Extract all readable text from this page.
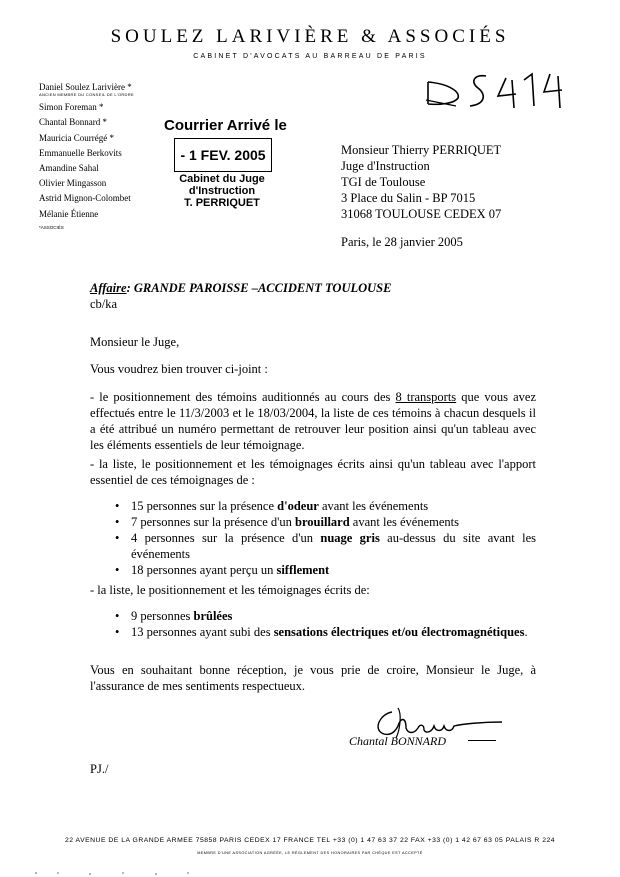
SOULEZ LARIVIÈRE & ASSOCIÉS
CABINET D'AVOCATS AU BARREAU DE PARIS
Daniel Soulez Larivière *
ANCIEN MEMBRE DU CONSEIL DE L'ORDRE
Simon Foreman *
Chantal Bonnard *
Mauricia Courrégé *
Emmanuelle Berkovits
Amandine Sahal
Olivier Mingasson
Astrid Mignon-Colombet
Mélanie Étienne
*ASSOCIÉS
Courrier Arrivé le
- 1 FEV. 2005
Cabinet du Juge d'Instruction
T. PERRIQUET
Monsieur Thierry PERRIQUET
Juge d'Instruction
TGI de Toulouse
3 Place du Salin - BP 7015
31068 TOULOUSE CEDEX 07
Paris, le 28 janvier 2005
Affaire: GRANDE PAROISSE –ACCIDENT TOULOUSE
cb/ka
Monsieur le Juge,
Vous voudrez bien trouver ci-joint :
- le positionnement des témoins auditionnés au cours des 8 transports que vous avez effectués entre le 11/3/2003 et le 18/03/2004, la liste de ces témoins à chacun desquels il a été attribué un numéro permettant de retrouver leur position ainsi qu'un tableau avec les éléments essentiels de leur témoignage.
- la liste, le positionnement et les témoignages écrits ainsi qu'un tableau avec l'apport essentiel de ces témoignages de :
• 15 personnes sur la présence d'odeur avant les événements
• 7 personnes sur la présence d'un brouillard avant les événements
• 4 personnes sur la présence d'un nuage gris au-dessus du site avant les événements
• 18 personnes ayant perçu un sifflement
- la liste, le positionnement et les témoignages écrits de:
• 9 personnes brûlées
• 13 personnes ayant subi des sensations électriques et/ou électromagnétiques.
Vous en souhaitant bonne réception, je vous prie de croire, Monsieur le Juge, à l'assurance de mes sentiments respectueux.
Chantal BONNARD
PJ./
22 AVENUE DE LA GRANDE ARMEE 75858 PARIS CEDEX 17 FRANCE TEL +33 (0) 1 47 63 37 22 FAX +33 (0) 1 42 67 63 05 PALAIS R 224
MEMBRE D'UNE ASSOCIATION AGRÉÉE, LE RÈGLEMENT DES HONORAIRES PAR CHÈQUE EST ACCEPTÉ
